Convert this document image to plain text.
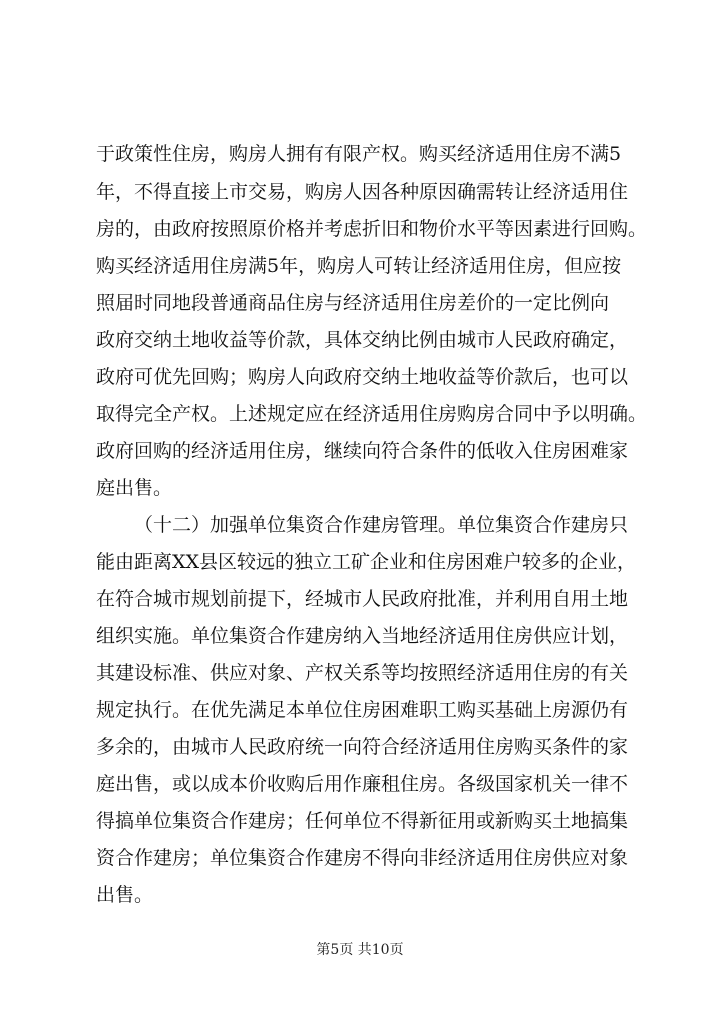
于政策性住房，购房人拥有有限产权。购买经济适用住房不满5
年，不得直接上市交易，购房人因各种原因确需转让经济适用住
房的，由政府按照原价格并考虑折旧和物价水平等因素进行回购。
购买经济适用住房满5年，购房人可转让经济适用住房，但应按
照届时同地段普通商品住房与经济适用住房差价的一定比例向
政府交纳土地收益等价款，具体交纳比例由城市人民政府确定，
政府可优先回购；购房人向政府交纳土地收益等价款后，也可以
取得完全产权。上述规定应在经济适用住房购房合同中予以明确。
政府回购的经济适用住房，继续向符合条件的低收入住房困难家
庭出售。
（十二）加强单位集资合作建房管理。单位集资合作建房只
能由距离XX县区较远的独立工矿企业和住房困难户较多的企业，
在符合城市规划前提下，经城市人民政府批准，并利用自用土地
组织实施。单位集资合作建房纳入当地经济适用住房供应计划，
其建设标准、供应对象、产权关系等均按照经济适用住房的有关
规定执行。在优先满足本单位住房困难职工购买基础上房源仍有
多余的，由城市人民政府统一向符合经济适用住房购买条件的家
庭出售，或以成本价收购后用作廉租住房。各级国家机关一律不
得搞单位集资合作建房；任何单位不得新征用或新购买土地搞集
资合作建房；单位集资合作建房不得向非经济适用住房供应对象
出售。
第5页 共10页
